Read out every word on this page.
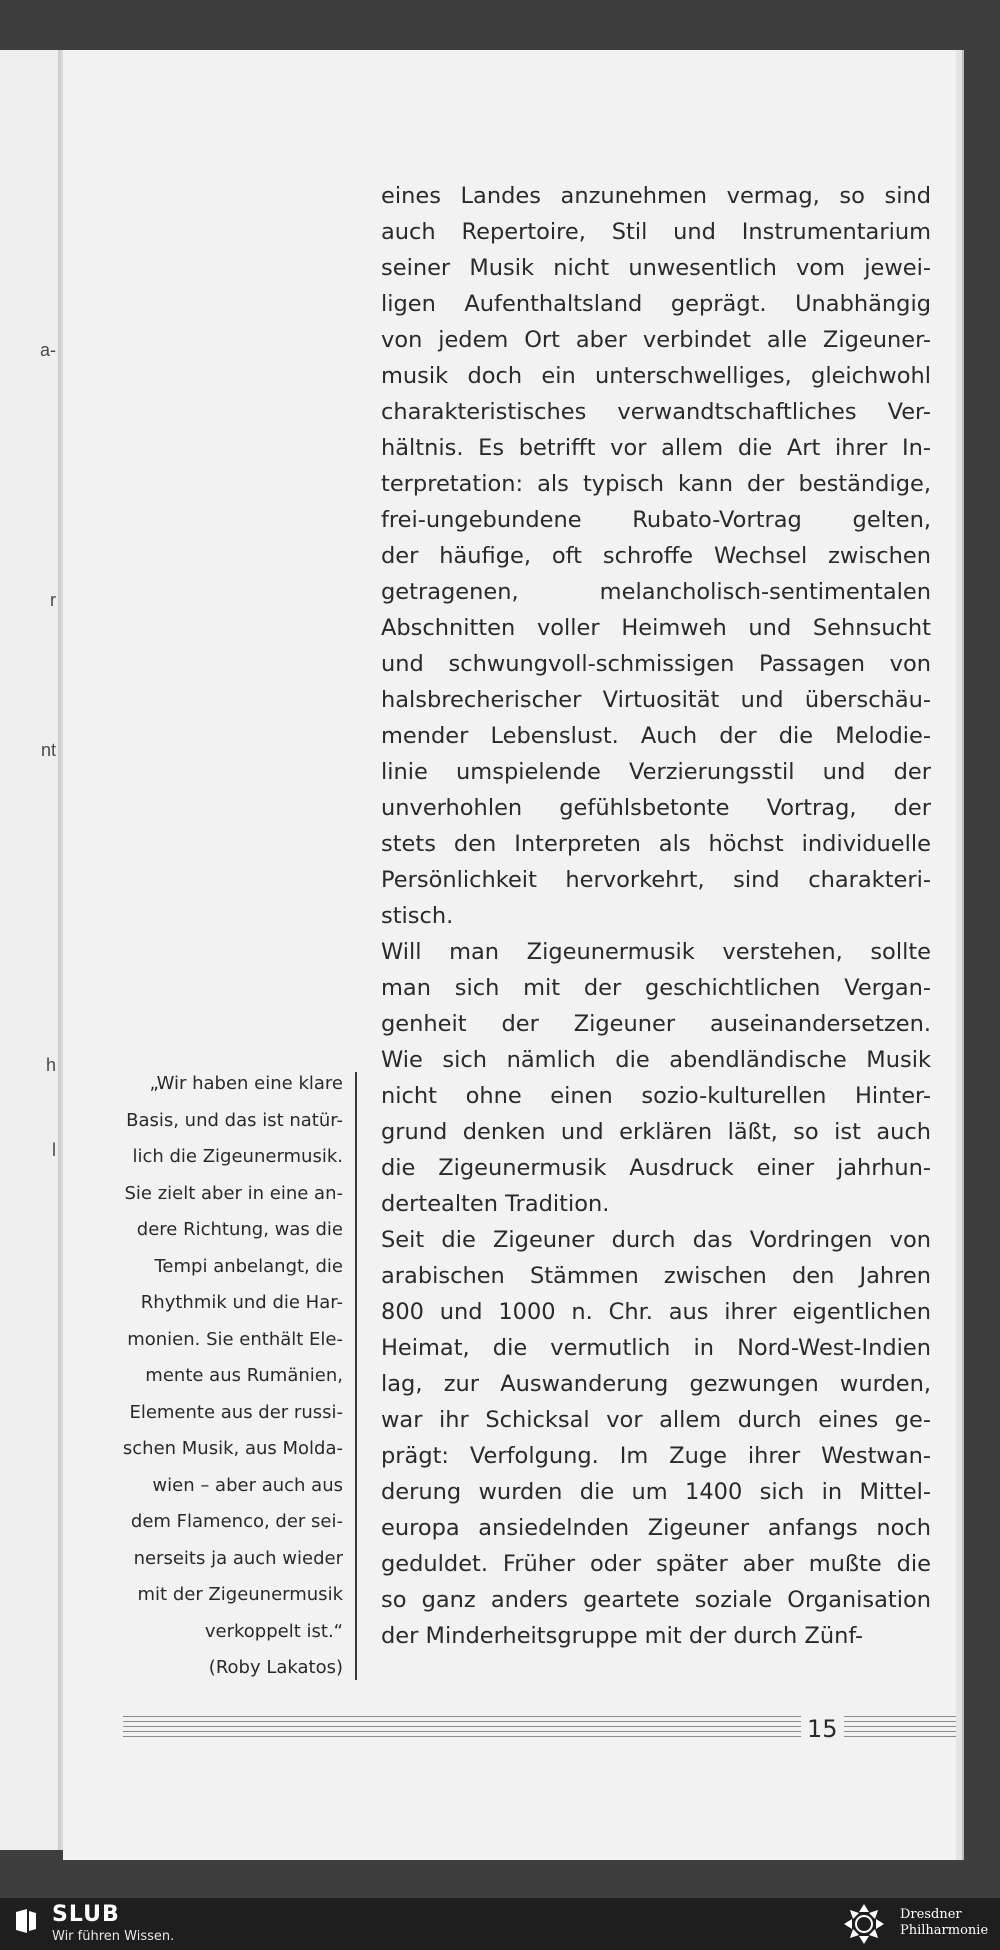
a-
r
nt
h
l
eines Landes anzunehmen vermag, so sind
auch Repertoire, Stil und Instrumentarium
seiner Musik nicht unwesentlich vom jewei-
ligen Aufenthaltsland geprägt. Unabhängig
von jedem Ort aber verbindet alle Zigeuner-
musik doch ein unterschwelliges, gleichwohl
charakteristisches verwandtschaftliches Ver-
hältnis. Es betrifft vor allem die Art ihrer In-
terpretation: als typisch kann der beständige,
frei-ungebundene Rubato-Vortrag gelten,
der häufige, oft schroffe Wechsel zwischen
getragenen, melancholisch-sentimentalen
Abschnitten voller Heimweh und Sehnsucht
und schwungvoll-schmissigen Passagen von
halsbrecherischer Virtuosität und überschäu-
mender Lebenslust. Auch der die Melodie-
linie umspielende Verzierungsstil und der
unverhohlen gefühlsbetonte Vortrag, der
stets den Interpreten als höchst individuelle
Persönlichkeit hervorkehrt, sind charakteri-
stisch.
Will man Zigeunermusik verstehen, sollte
man sich mit der geschichtlichen Vergan-
genheit der Zigeuner auseinandersetzen.
Wie sich nämlich die abendländische Musik
nicht ohne einen sozio-kulturellen Hinter-
grund denken und erklären läßt, so ist auch
die Zigeunermusik Ausdruck einer jahrhun-
dertealten Tradition.
Seit die Zigeuner durch das Vordringen von
arabischen Stämmen zwischen den Jahren
800 und 1000 n. Chr. aus ihrer eigentlichen
Heimat, die vermutlich in Nord-West-Indien
lag, zur Auswanderung gezwungen wurden,
war ihr Schicksal vor allem durch eines ge-
prägt: Verfolgung. Im Zuge ihrer Westwan-
derung wurden die um 1400 sich in Mittel-
europa ansiedelnden Zigeuner anfangs noch
geduldet. Früher oder später aber mußte die
so ganz anders geartete soziale Organisation
der Minderheitsgruppe mit der durch Zünf-
„Wir haben eine klare
Basis, und das ist natür-
lich die Zigeunermusik.
Sie zielt aber in eine an-
dere Richtung, was die
Tempi anbelangt, die
Rhythmik und die Har-
monien. Sie enthält Ele-
mente aus Rumänien,
Elemente aus der russi-
schen Musik, aus Molda-
wien – aber auch aus
dem Flamenco, der sei-
nerseits ja auch wieder
mit der Zigeunermusik
verkoppelt ist.“
(Roby Lakatos)
15
SLUB
Wir führen Wissen.
Dresdner
Philharmonie
